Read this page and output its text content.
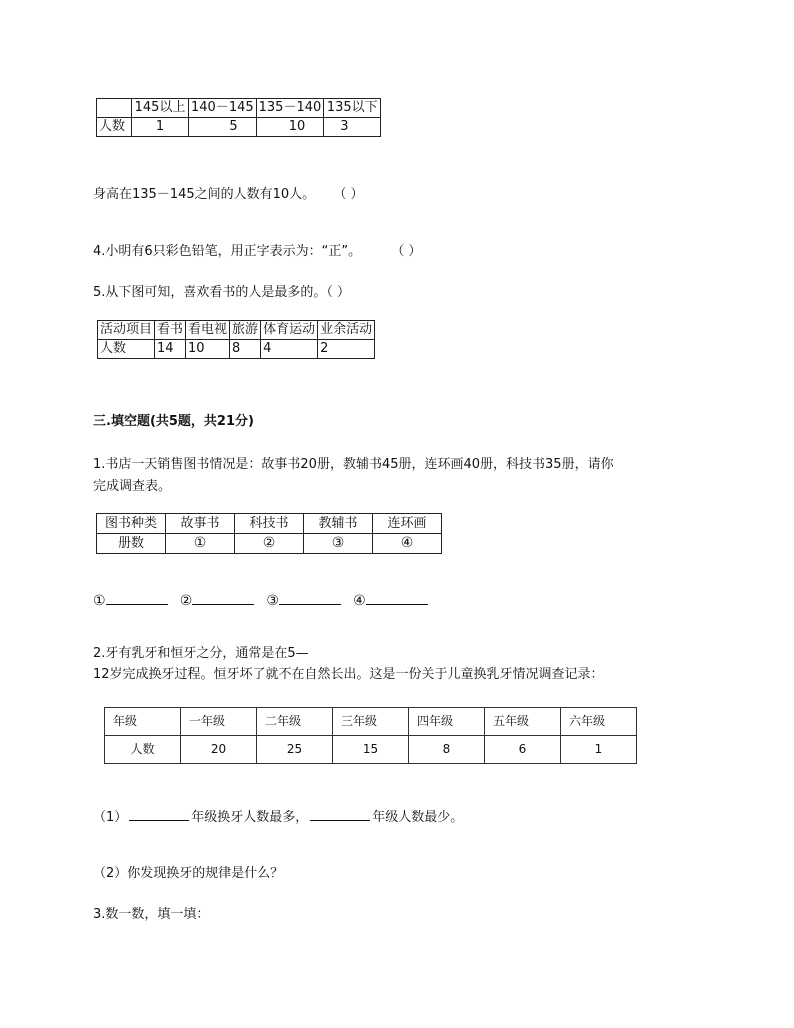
	145以上	140－145	135－140	135以下
人数	1	5	10	3
身高在135－145之间的人数有10人。 （ ）
4.小明有6只彩色铅笔，用正字表示为：“正”。 （ ）
5.从下图可知，喜欢看书的人是最多的。（ ）
活动项目	看书	看电视	旅游	体育运动	业余活动
人数	14	10	8	4	2
三.填空题(共5题，共21分)
1.书店一天销售图书情况是：故事书20册，教辅书45册，连环画40册，科技书35册，请你
完成调查表。
图书种类	故事书	科技书	教辅书	连环画
册数	①	②	③	④
①	②	③	④
2.牙有乳牙和恒牙之分，通常是在5—
12岁完成换牙过程。恒牙坏了就不在自然长出。这是一份关于儿童换乳牙情况调查记录：
年级	一年级	二年级	三年级	四年级	五年级	六年级
人数	20	25	15	8	6	1
（1）	年级换牙人数最多，	年级人数最少。
（2）你发现换牙的规律是什么？
3.数一数，填一填：
